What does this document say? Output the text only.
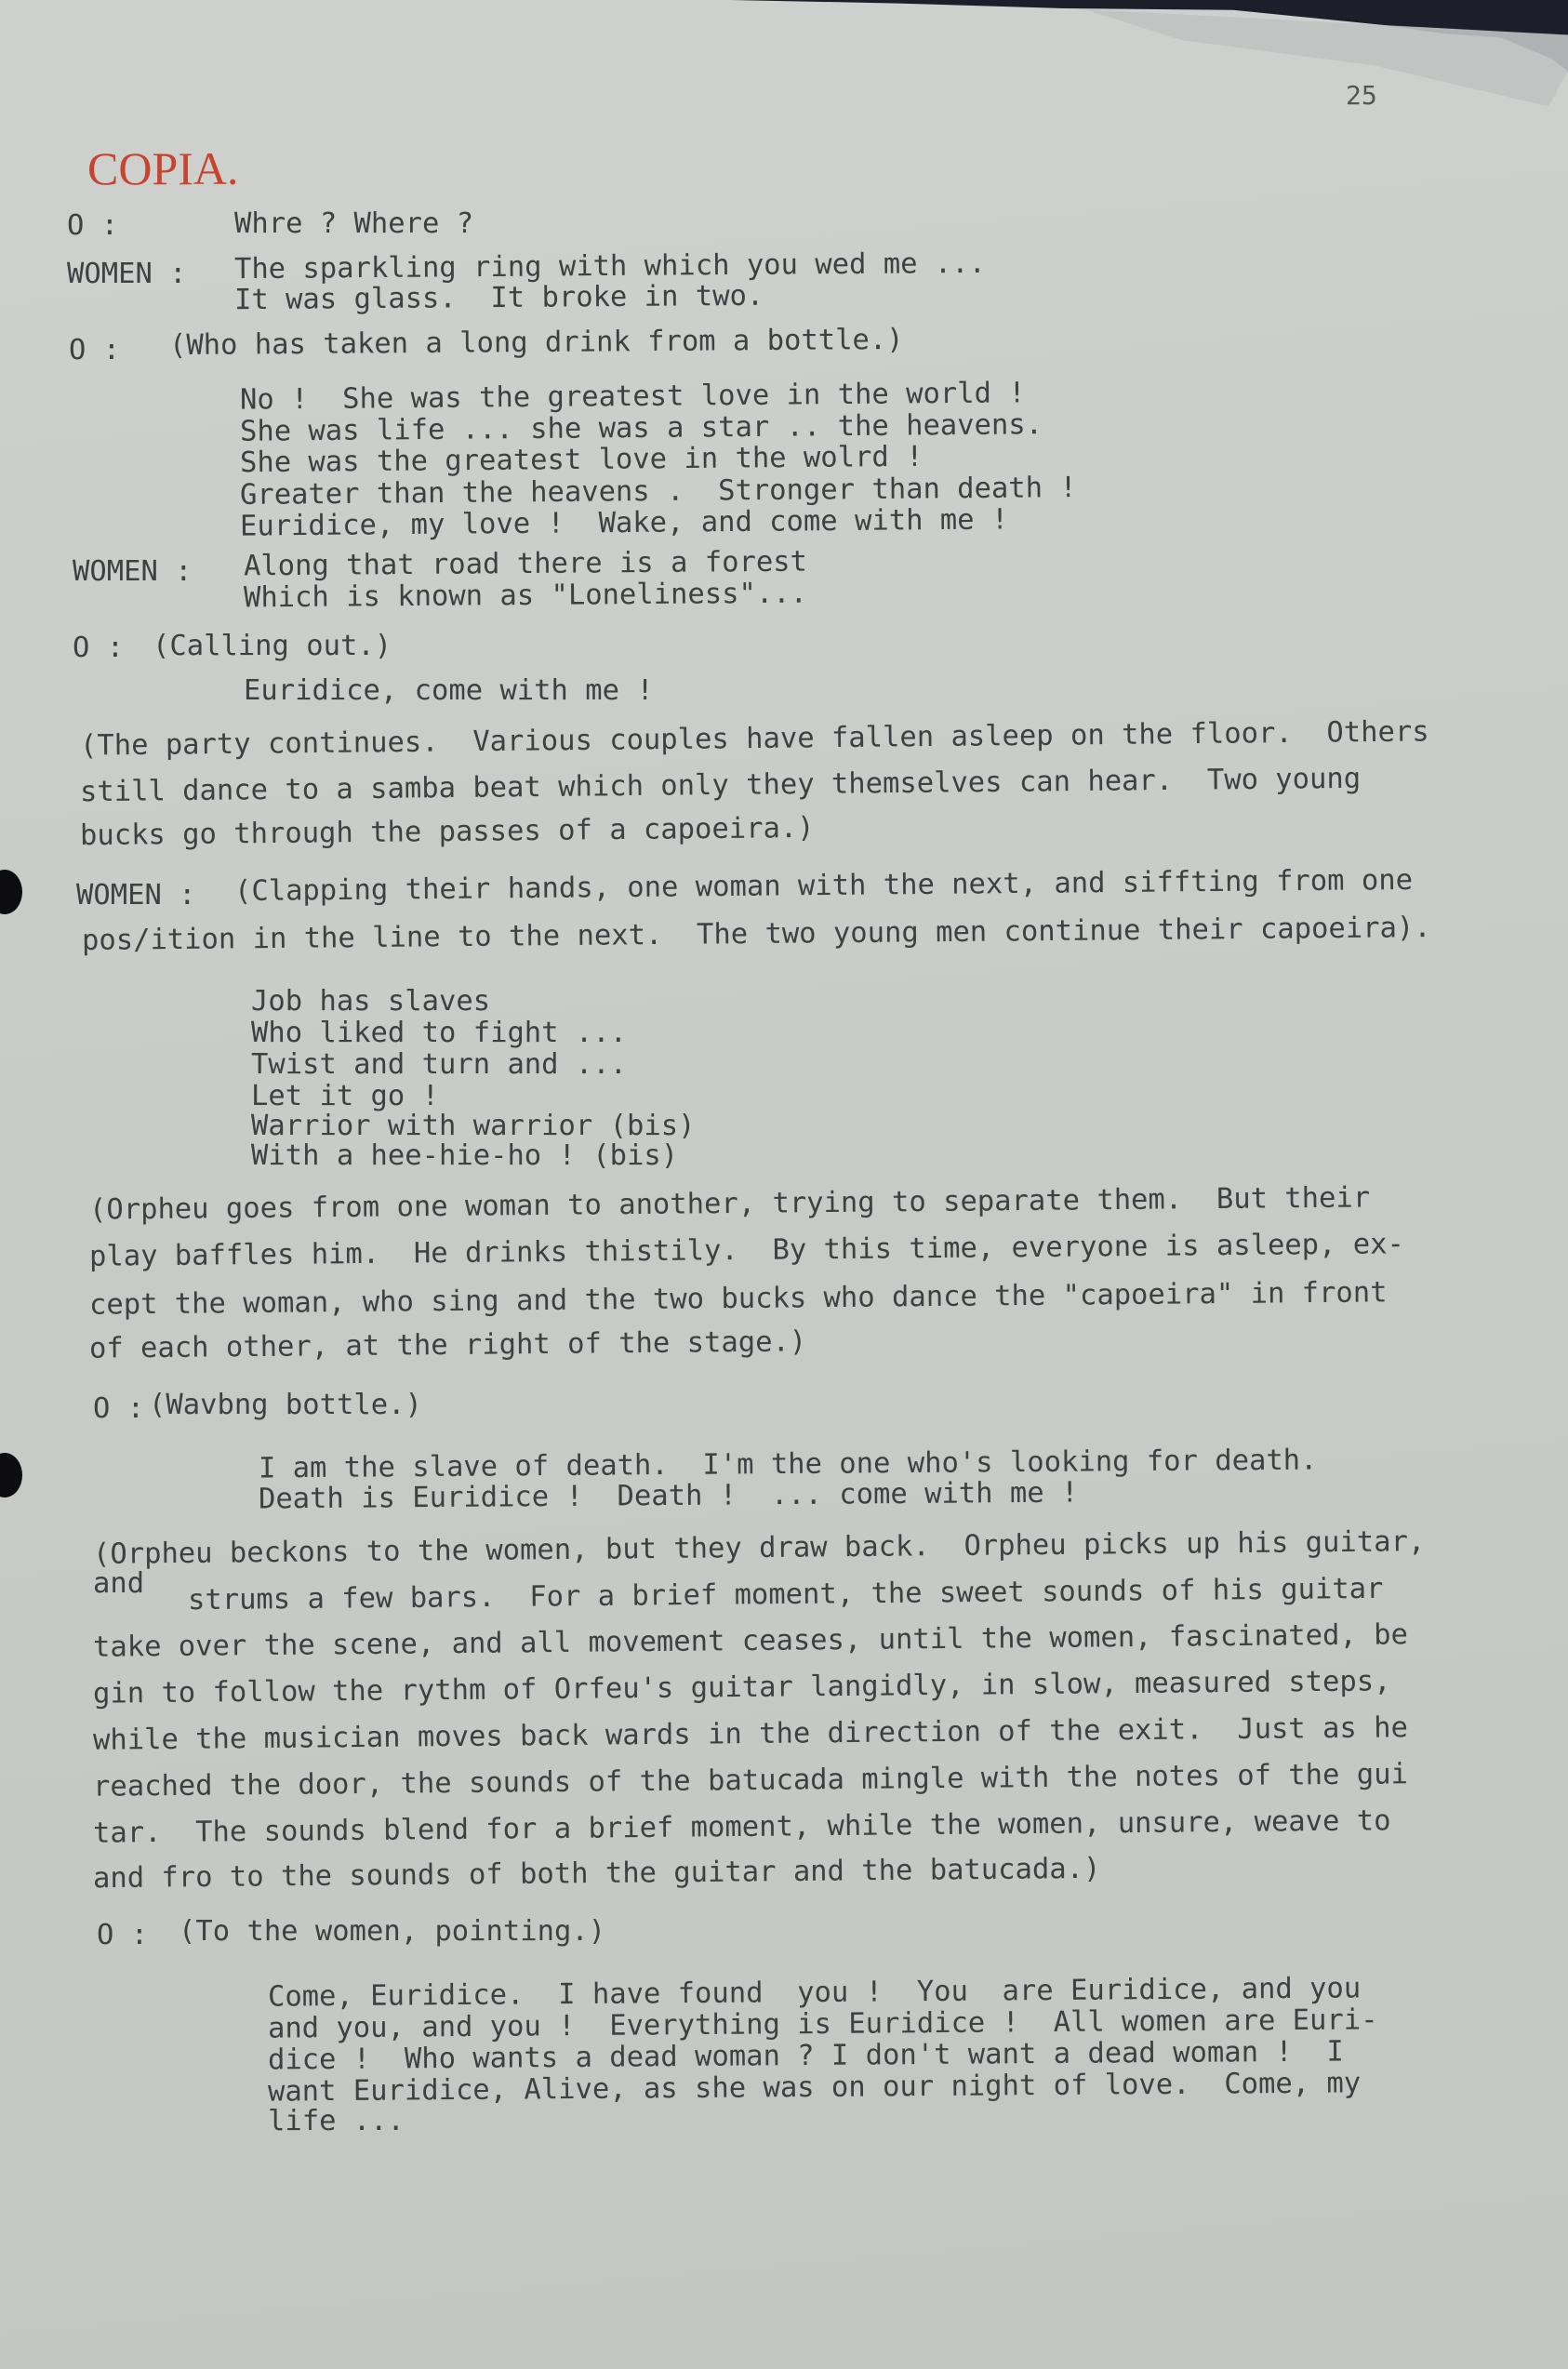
25
COPIA.
O :	Whre ? Where ?
WOMEN : The sparkling ring with which you wed me ...
It was glass.  It broke in two.
O : (Who has taken a long drink from a bottle.)
No !  She was the greatest love in the world !
She was life ... she was a star .. the heavens.
She was the greatest love in the wolrd !
Greater than the heavens .  Stronger than death !
Euridice, my love !  Wake, and come with me !
WOMEN : Along that road there is a forest
Which is known as "Loneliness"...
O : (Calling out.)
Euridice, come with me !
(The party continues.  Various couples have fallen asleep on the floor.  Others
still dance to a samba beat which only they themselves can hear.  Two young
bucks go through the passes of a capoeira.)
WOMEN : (Clapping their hands, one woman with the next, and siffting from one
pos/ition in the line to the next.  The two young men continue their capoeira).
Job has slaves
Who liked to fight ...
Twist and turn and ...
Let it go !
Warrior with warrior (bis)
With a hee-hie-ho ! (bis)
(Orpheu goes from one woman to another, trying to separate them.  But their
play baffles him.  He drinks thistily.  By this time, everyone is asleep, ex-
cept the woman, who sing and the two bucks who dance the "capoeira" in front
of each other, at the right of the stage.)
O : (Wavbng bottle.)
I am the slave of death.  I'm the one who's looking for death.
Death is Euridice !  Death !  ... come with me !
(Orpheu beckons to the women, but they draw back.  Orpheu picks up his guitar,
and strums a few bars.  For a brief moment, the sweet sounds of his guitar
take over the scene, and all movement ceases, until the women, fascinated, be
gin to follow the rythm of Orfeu's guitar langidly, in slow, measured steps,
while the musician moves back wards in the direction of the exit.  Just as he
reached the door, the sounds of the batucada mingle with the notes of the gui
tar.  The sounds blend for a brief moment, while the women, unsure, weave to
and fro to the sounds of both the guitar and the batucada.)
O : (To the women, pointing.)
Come, Euridice.  I have found  you !  You  are Euridice, and you
and you, and you !  Everything is Euridice !  All women are Euri-
dice !  Who wants a dead woman ? I don't want a dead woman !  I
want Euridice, Alive, as she was on our night of love.  Come, my
life ...
